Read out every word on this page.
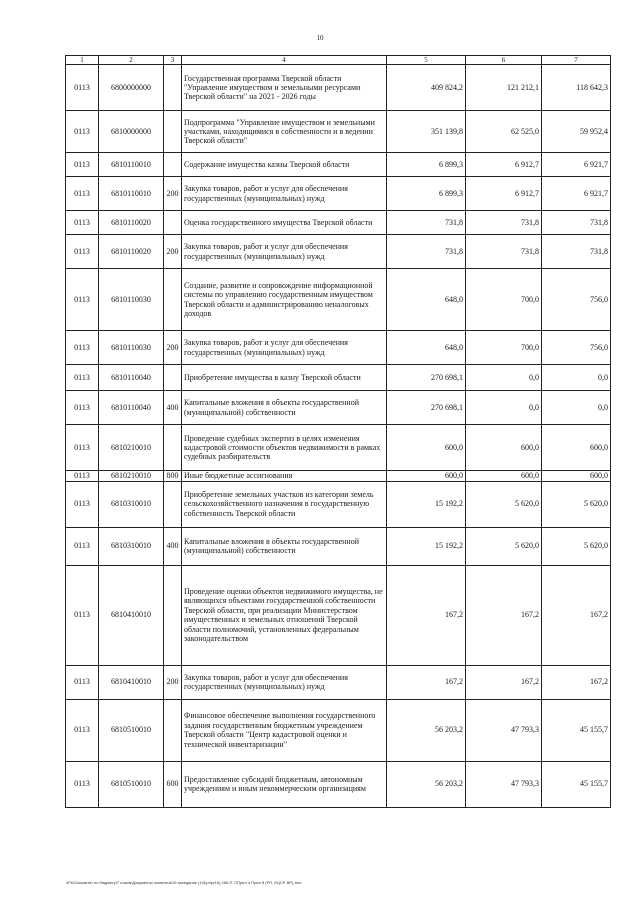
10
1	2	3	4	5	6	7
0113	6800000000		Государственная программа Тверской области "Управление имуществом и земельными ресурсами Тверской области" на 2021 - 2026 годы	409 824,2	121 212,1	118 642,3
0113	6810000000		Подпрограмма "Управление имуществом и земельными участками, находящимися в собственности и в ведении Тверской области"	351 139,8	62 525,0	59 952,4
0113	6810110010		Содержание имущества казны Тверской области	6 899,3	6 912,7	6 921,7
0113	6810110010	200	Закупка товаров, работ и услуг для обеспечения государственных (муниципальных) нужд	6 899,3	6 912,7	6 921,7
0113	6810110020		Оценка государственного имущества Тверской области	731,8	731,8	731,8
0113	6810110020	200	Закупка товаров, работ и услуг для обеспечения государственных (муниципальных) нужд	731,8	731,8	731,8
0113	6810110030		Создание, развитие и сопровождение информационной системы по управлению государственным имуществом Тверской области и администрированию неналоговых доходов	648,0	700,0	756,0
0113	6810110030	200	Закупка товаров, работ и услуг для обеспечения государственных (муниципальных) нужд	648,0	700,0	756,0
0113	6810110040		Приобретение имущества в казну Тверской области	270 698,1	0,0	0,0
0113	6810110040	400	Капитальные вложения в объекты государственной (муниципальной) собственности	270 698,1	0,0	0,0
0113	6810210010		Проведение судебных экспертиз в целях изменения кадастровой стоимости объектов недвижимости в рамках судебных разбирательств	600,0	600,0	600,0
0113	6810210010	800	Иные бюджетные ассигнования	600,0	600,0	600,0
0113	6810310010		Приобретение земельных участков из категории земель сельскохозяйственного назначения в государственную собственность Тверской области	15 192,2	5 620,0	5 620,0
0113	6810310010	400	Капитальные вложения в объекты государственной (муниципальной) собственности	15 192,2	5 620,0	5 620,0
0113	6810410010		Проведение оценки объектов недвижимого имущества, не являющихся объектами государственной собственности Тверской области, при реализации Министерством имущественных и земельных отношений Тверской области полномочий, установленных федеральным законодательством	167,2	167,2	167,2
0113	6810410010	200	Закупка товаров, работ и услуг для обеспечения государственных (муниципальных) нужд	167,2	167,2	167,2
0113	6810510010		Финансовое обеспечение выполнения государственного задания государственным бюджетным учреждением Тверской области "Центр кадастровой оценки и технической инвентаризации"	56 203,2	47 793,3	45 155,7
0113	6810510010	600	Предоставление субсидий бюджетным, автономным учреждениям и иным некоммерческим организациям	56 203,2	47 793,3	45 155,7
\\Fs01\комитет по бюджету\7 созыв\Документы комитета\16 заседание (10)\pr\pr16) 265-П-7\Прил 4 Прил 8 (РП, КЦСР, ВР).xlsx
